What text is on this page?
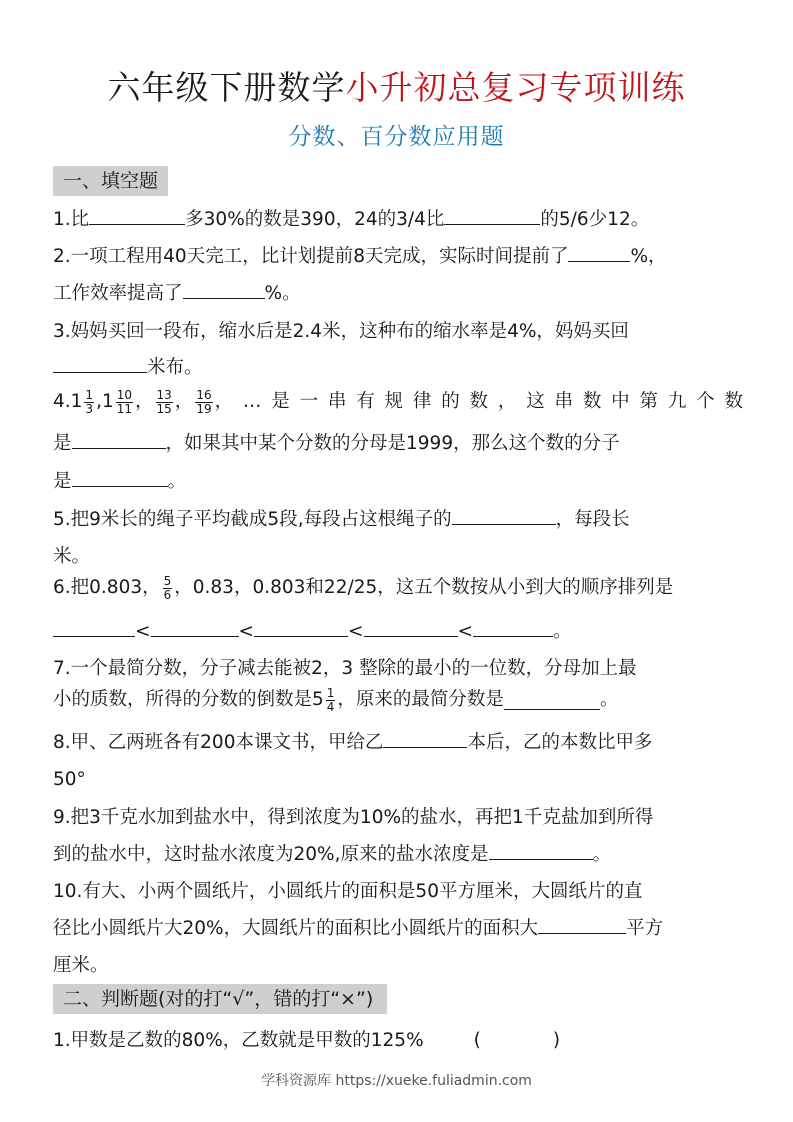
六年级下册数学小升初总复习专项训练
分数、百分数应用题
一、填空题
1.比	多30%的数是390，24的3/4比	的5/6少12。
2.一项工程用40天完工，比计划提前8天完成，实际时间提前了	%，
工作效率提高了	%。
3.妈妈买回一段布，缩水后是2.4米，这种布的缩水率是4%，妈妈买回
米布。
$4.1 \frac{1}{3} ,1 \frac{10}{11}$ ， $\frac{13}{15}$ ， $\frac{16}{19}$ ， … 是 一 串 有 规 律 的 数 ， 这 串 数 中 第 九 个 数
是	，如果其中某个分数的分母是1999，那么这个数的分子
是	。
5.把9米长的绳子平均截成5段,每段占这根绳子的	，每段长
米。
6.把0.803， $\frac{5}{6}$ ，0.83，0.803和22/25，这五个数按从小到大的顺序排列是
<	<	<	<	。
7.一个最简分数，分子减去能被2，3 整除的最小的一位数，分母加上最
小的质数，所得的分数的倒数是$5 \frac{1}{4}$ ，原来的最简分数是	。
8.甲、乙两班各有200本课文书，甲给乙	本后，乙的本数比甲多
50°
9.把3千克水加到盐水中，得到浓度为10%的盐水，再把1千克盐加到所得
到的盐水中，这时盐水浓度为20%,原来的盐水浓度是	。
10.有大、小两个圆纸片，小圆纸片的面积是50平方厘米，大圆纸片的直
径比小圆纸片大20%，大圆纸片的面积比小圆纸片的面积大	平方
厘米。
二、判断题(对的打“√”，错的打“×”)
1.甲数是乙数的80%，乙数就是甲数的125%	(	)
学科资源库 https://xueke.fuliadmin.com
